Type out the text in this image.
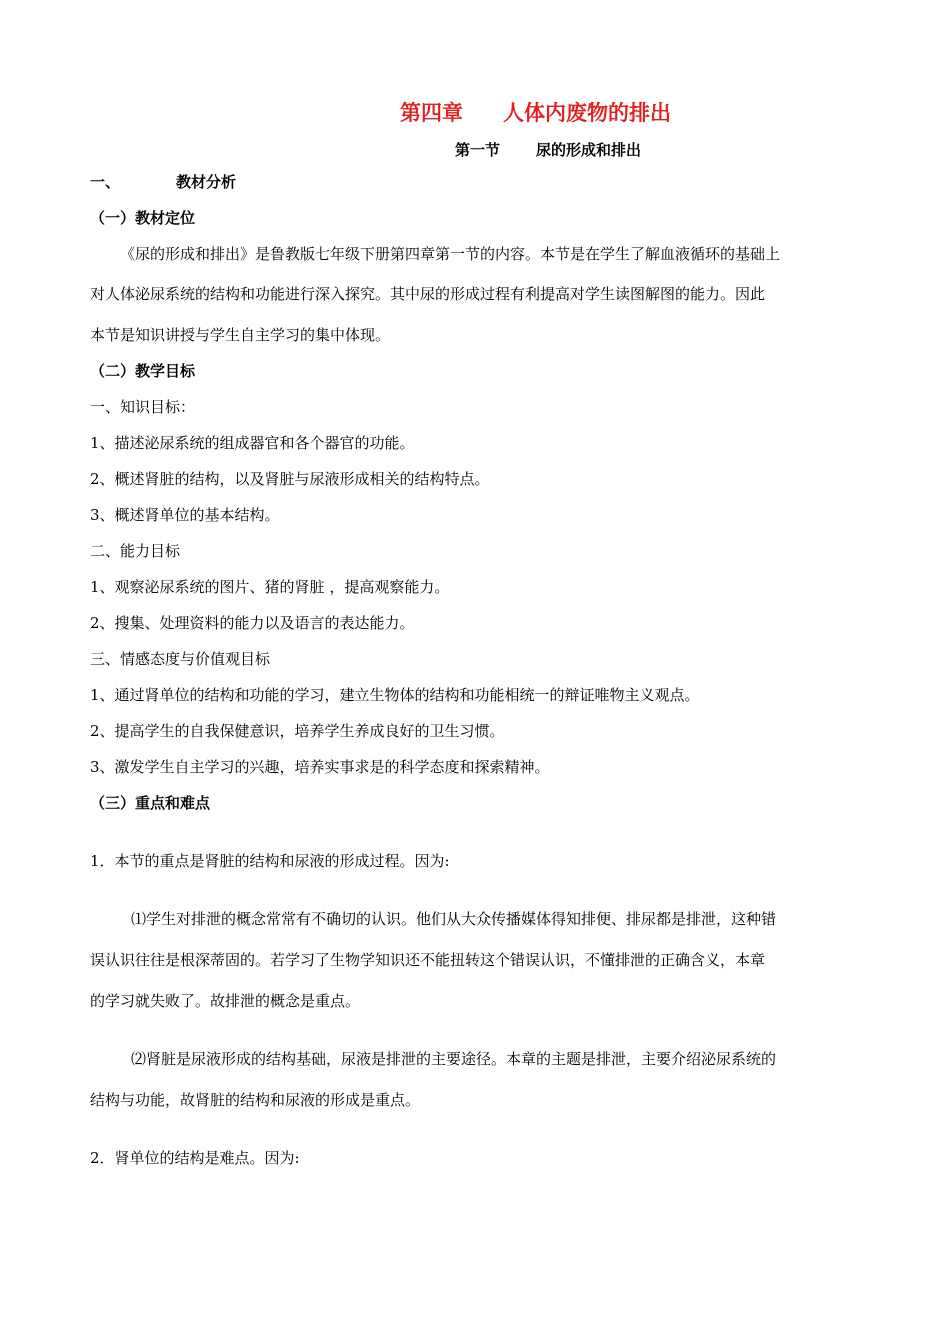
第四章 人体内废物的排出
第一节 尿的形成和排出

一、	教材分析

（一）教材定位

《尿的形成和排出》是鲁教版七年级下册第四章第一节的内容。本节是在学生了解血液循环的基础上

对人体泌尿系统的结构和功能进行深入探究。其中尿的形成过程有利提高对学生读图解图的能力。因此

本节是知识讲授与学生自主学习的集中体现。

（二）教学目标

一、知识目标：

1、描述泌尿系统的组成器官和各个器官的功能。

2、概述肾脏的结构，以及肾脏与尿液形成相关的结构特点。

3、概述肾单位的基本结构。

二、能力目标

1、观察泌尿系统的图片、猪的肾脏 ，提高观察能力。

2、搜集、处理资料的能力以及语言的表达能力。

三、情感态度与价值观目标

1、通过肾单位的结构和功能的学习，建立生物体的结构和功能相统一的辩证唯物主义观点。

2、提高学生的自我保健意识，培养学生养成良好的卫生习惯。

3、激发学生自主学习的兴趣，培养实事求是的科学态度和探索精神。

（三）重点和难点

1．本节的重点是肾脏的结构和尿液的形成过程。因为:

⑴学生对排泄的概念常常有不确切的认识。他们从大众传播媒体得知排便、排尿都是排泄，这种错

误认识往往是根深蒂固的。若学习了生物学知识还不能扭转这个错误认识，不懂排泄的正确含义，本章

的学习就失败了。故排泄的概念是重点。

⑵肾脏是尿液形成的结构基础，尿液是排泄的主要途径。本章的主题是排泄，主要介绍泌尿系统的

结构与功能，故肾脏的结构和尿液的形成是重点。

2．肾单位的结构是难点。因为:
